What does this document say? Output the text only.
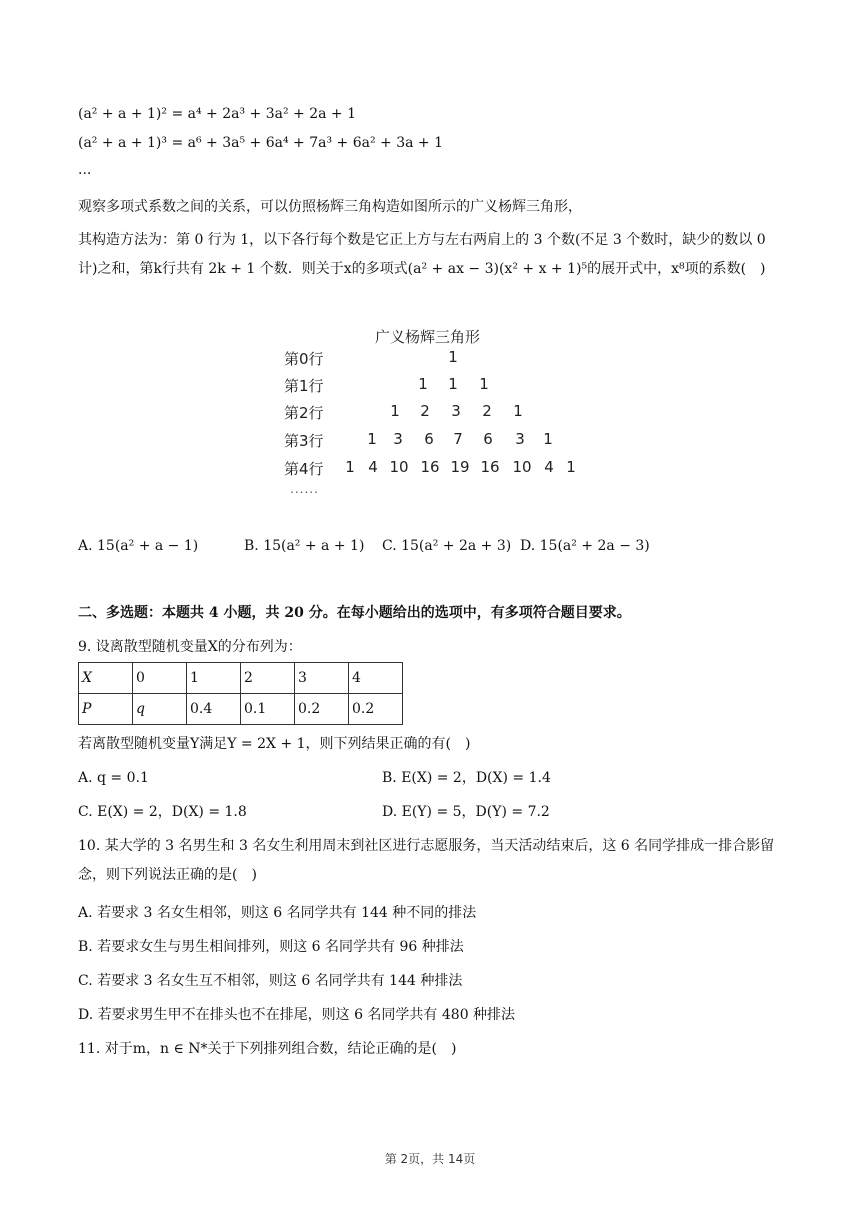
(a² + a + 1)² = a⁴ + 2a³ + 3a² + 2a + 1
(a² + a + 1)³ = a⁶ + 3a⁵ + 6a⁴ + 7a³ + 6a² + 3a + 1
...
观察多项式系数之间的关系，可以仿照杨辉三角构造如图所示的广义杨辉三角形，
其构造方法为：第 0 行为 1，以下各行每个数是它正上方与左右两肩上的 3 个数(不足 3 个数时，缺少的数以 0 计)之和，第k行共有 2k + 1 个数．则关于x的多项式(a² + ax − 3)(x² + x + 1)⁵的展开式中，x⁸项的系数(　)
广义杨辉三角形
第0行	1
第1行	1	1	1
第2行	1	2	3	2	1
第3行	1	3	6	7	6	3	1
第4行	1 4 10 16 19 16 10 4 1
......
A. 15(a² + a − 1)	B. 15(a² + a + 1) C. 15(a² + 2a + 3) D. 15(a² + 2a − 3)
二、多选题：本题共 4 小题，共 20 分。在每小题给出的选项中，有多项符合题目要求。
9. 设离散型随机变量X的分布列为：
X	0	1	2	3	4
P	q	0.4	0.1	0.2	0.2
若离散型随机变量Y满足Y = 2X + 1，则下列结果正确的有(　)
A. q = 0.1	B. E(X) = 2，D(X) = 1.4
C. E(X) = 2，D(X) = 1.8	D. E(Y) = 5，D(Y) = 7.2
10. 某大学的 3 名男生和 3 名女生利用周末到社区进行志愿服务，当天活动结束后，这 6 名同学排成一排合影留念，则下列说法正确的是(　)
A. 若要求 3 名女生相邻，则这 6 名同学共有 144 种不同的排法
B. 若要求女生与男生相间排列，则这 6 名同学共有 96 种排法
C. 若要求 3 名女生互不相邻，则这 6 名同学共有 144 种排法
D. 若要求男生甲不在排头也不在排尾，则这 6 名同学共有 480 种排法
11. 对于m，n ∈ N*关于下列排列组合数，结论正确的是(　)
第 2页，共 14页
